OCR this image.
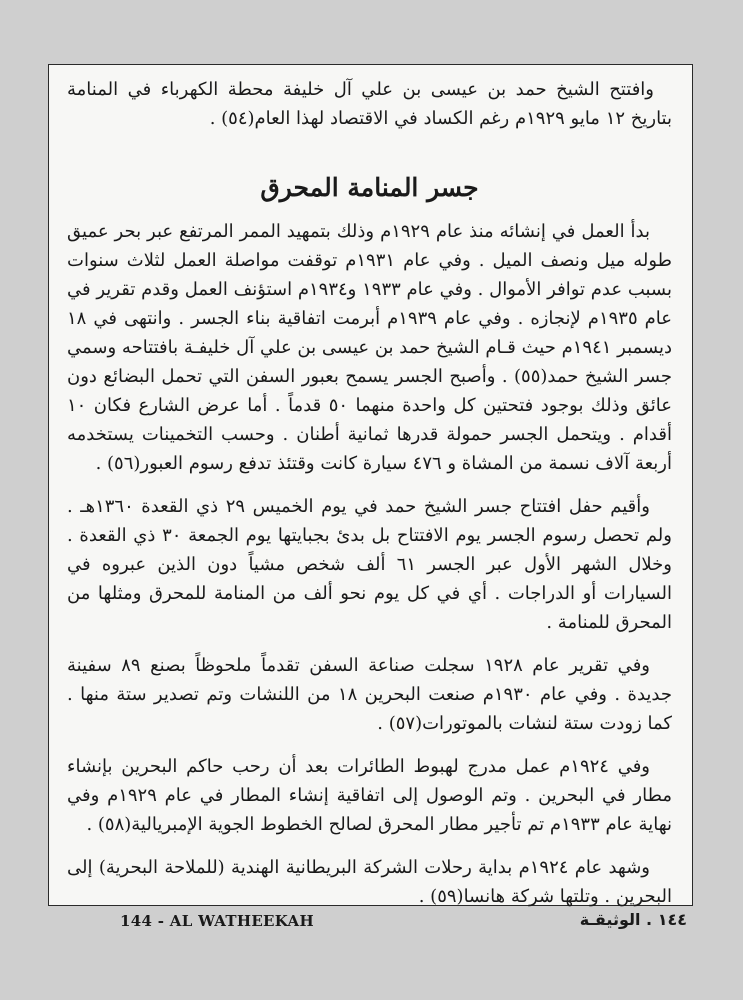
وافتتح الشيخ حمد بن عيسى بن علي آل خليفة محطة الكهرباء في المنامة بتاريخ ١٢ مايو ١٩٢٩م رغم الكساد في الاقتصاد لهذا العام(٥٤) .

جسر المنامة المحرق

بدأ العمل في إنشائه منذ عام ١٩٢٩م وذلك بتمهيد الممر المرتفع عبر بحر عميق طوله ميل ونصف الميل . وفي عام ١٩٣١م توقفت مواصلة العمل لثلاث سنوات بسبب عدم توافر الأموال . وفي عام ١٩٣٣ و١٩٣٤م استؤنف العمل وقدم تقرير في عام ١٩٣٥م لإنجازه . وفي عام ١٩٣٩م أبرمت اتفاقية بناء الجسر . وانتهى في ١٨ ديسمبر ١٩٤١م حيث قـام الشيخ حمد بن عيسى بن علي آل خليفـة بافتتاحه وسمي جسر الشيخ حمد(٥٥) . وأصبح الجسر يسمح بعبور السفن التي تحمل البضائع دون عائق وذلك بوجود فتحتين كل واحدة منهما ٥٠ قدماً . أما عرض الشارع فكان ١٠ أقدام . ويتحمل الجسر حمولة قدرها ثمانية أطنان . وحسب التخمينات يستخدمه أربعة آلاف نسمة من المشاة و ٤٧٦ سيارة كانت وقتئذ تدفع رسوم العبور(٥٦) .

وأقيم حفل افتتاح جسر الشيخ حمد في يوم الخميس ٢٩ ذي القعدة ١٣٦٠هـ . ولم تحصل رسوم الجسر يوم الافتتاح بل بدئ بجبايتها يوم الجمعة ٣٠ ذي القعدة . وخلال الشهر الأول عبر الجسر ٦١ ألف شخص مشياً دون الذين عبروه في السيارات أو الدراجات . أي في كل يوم نحو ألف من المنامة للمحرق ومثلها من المحرق للمنامة .

وفي تقرير عام ١٩٢٨ سجلت صناعة السفن تقدماً ملحوظاً بصنع ٨٩ سفينة جديدة . وفي عام ١٩٣٠م صنعت البحرين ١٨ من اللنشات وتم تصدير ستة منها . كما زودت ستة لنشات بالموتورات(٥٧) .

وفي ١٩٢٤م عمل مدرج لهبوط الطائرات بعد أن رحب حاكم البحرين بإنشاء مطار في البحرين . وتم الوصول إلى اتفاقية إنشاء المطار في عام ١٩٢٩م وفي نهاية عام ١٩٣٣م تم تأجير مطار المحرق لصالح الخطوط الجوية الإمبريالية(٥٨) .

وشهد عام ١٩٢٤م بداية رحلات الشركة البريطانية الهندية (للملاحة البحرية) إلى البحرين . وتلتها شركة هانسا(٥٩) .

144 - AL WATHEEKAH	١٤٤ . الوثيقـة
